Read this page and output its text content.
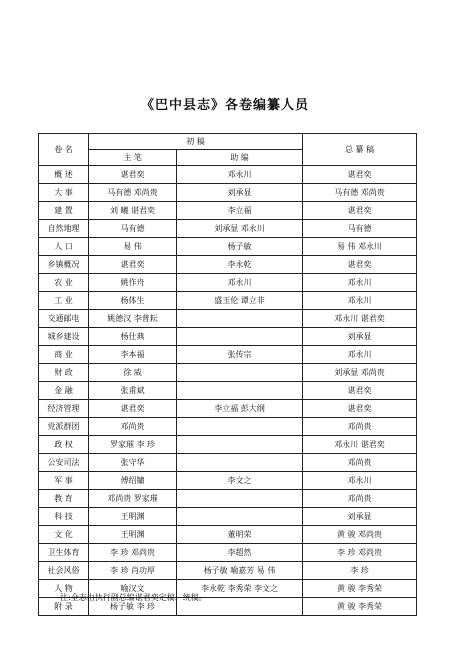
《巴中县志》各卷编纂人员
卷 名	初 稿		总 纂 稿
	主 笔	助 编	
概 述	谌君奕	邓永川	谌君奕
大 事	马有德 邓尚贵	刘承显	马有德 邓尚贵
建 置	刘 曦 谌君奕	李立福	谌君奕
自然地理	马有德	刘承显 邓永川	马有德
人 口	易 伟	杨子敏	易 伟 邓永川
乡镇概况	谌君奕	李永乾	谌君奕
农 业	姚作舟	邓永川	邓永川
工 业	杨体生	盛玉伦 谭立非	邓永川
交通邮电	姚德汉 李普耘		邓永川 谌君奕
城乡建设	杨仕典		刘承显
商 业	李本福	张传宗	邓永川
财 政	徐 威		刘承显 邓尚贵
金 融	张甫斌		谌君奕
经济管理	谌君奕	李立福 彭大纲	谌君奕
党派群团	邓尚贵		邓尚贵
政 权	罗家璀 李 珍		邓永川 谌君奕
公安司法	张守华		邓尚贵
军 事	傅绍镛	李文之	邓永川
教 育	邓尚贵 罗家璀		邓尚贵
科 技	王明渊		刘承显
文 化	王明渊	董明荣	黄 骏 邓尚贵
卫生体育	李 珍 邓尚贵	李超然	李 珍 邓尚贵
社会风俗	李 珍 肖功厚	杨子敏 喻嘉芳 易 伟	李 珍
人 物	喻汉文	李永乾 李秀荣 李文之	黄 骏 李秀荣
附 录	杨子敏 李 珍		黄 骏 李秀荣
注:全志由执行副总编谌君奕定稿、统稿。
